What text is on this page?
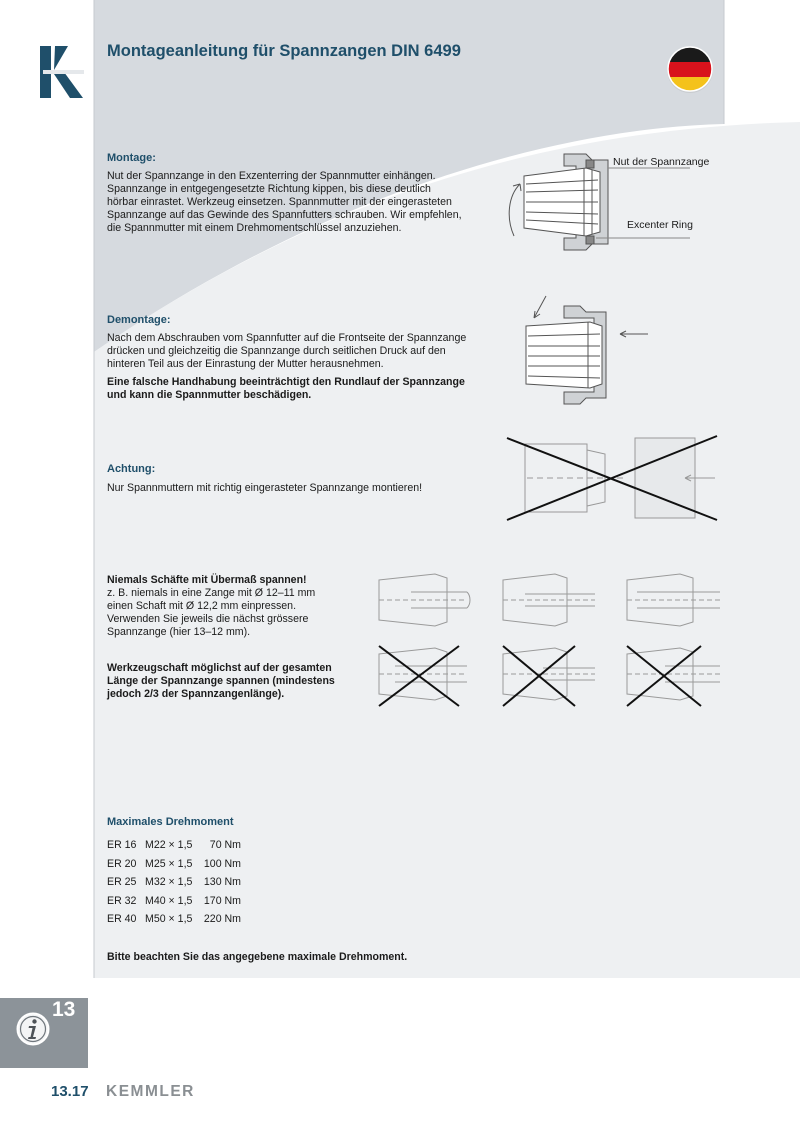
Montageanleitung für Spannzangen DIN 6499
Montage:
Nut der Spannzange in den Exzenterring der Spannmutter einhängen.
Spannzange in entgegengesetzte Richtung kippen, bis diese deutlich
hörbar einrastet. Werkzeug einsetzen. Spannmutter mit der eingerasteten
Spannzange auf das Gewinde des Spannfutters schrauben. Wir empfehlen,
die Spannmutter mit einem Drehmomentschlüssel anzuziehen.
Nut der Spannzange
Excenter Ring
Demontage:
Nach dem Abschrauben vom Spannfutter auf die Frontseite der Spannzange
drücken und gleichzeitig die Spannzange durch seitlichen Druck auf den
hinteren Teil aus der Einrastung der Mutter herausnehmen.
Eine falsche Handhabung beeinträchtigt den Rundlauf der Spannzange
und kann die Spannmutter beschädigen.
Achtung:
Nur Spannmuttern mit richtig eingerasteter Spannzange montieren!
Niemals Schäfte mit Übermaß spannen!
z. B. niemals in eine Zange mit Ø 12–11 mm
einen Schaft mit Ø 12,2 mm einpressen.
Verwenden Sie jeweils die nächst grössere
Spannzange (hier 13–12 mm).
Werkzeugschaft möglichst auf der gesamten
Länge der Spannzange spannen (mindestens
jedoch 2/3 der Spannzangenlänge).
Maximales Drehmoment
ER 16 M22 × 1,5 70 Nm
ER 20 M25 × 1,5 100 Nm
ER 25 M32 × 1,5 130 Nm
ER 32 M40 × 1,5 170 Nm
ER 40 M50 × 1,5 220 Nm
Bitte beachten Sie das angegebene maximale Drehmoment.
13
13.17 KEMMLER
